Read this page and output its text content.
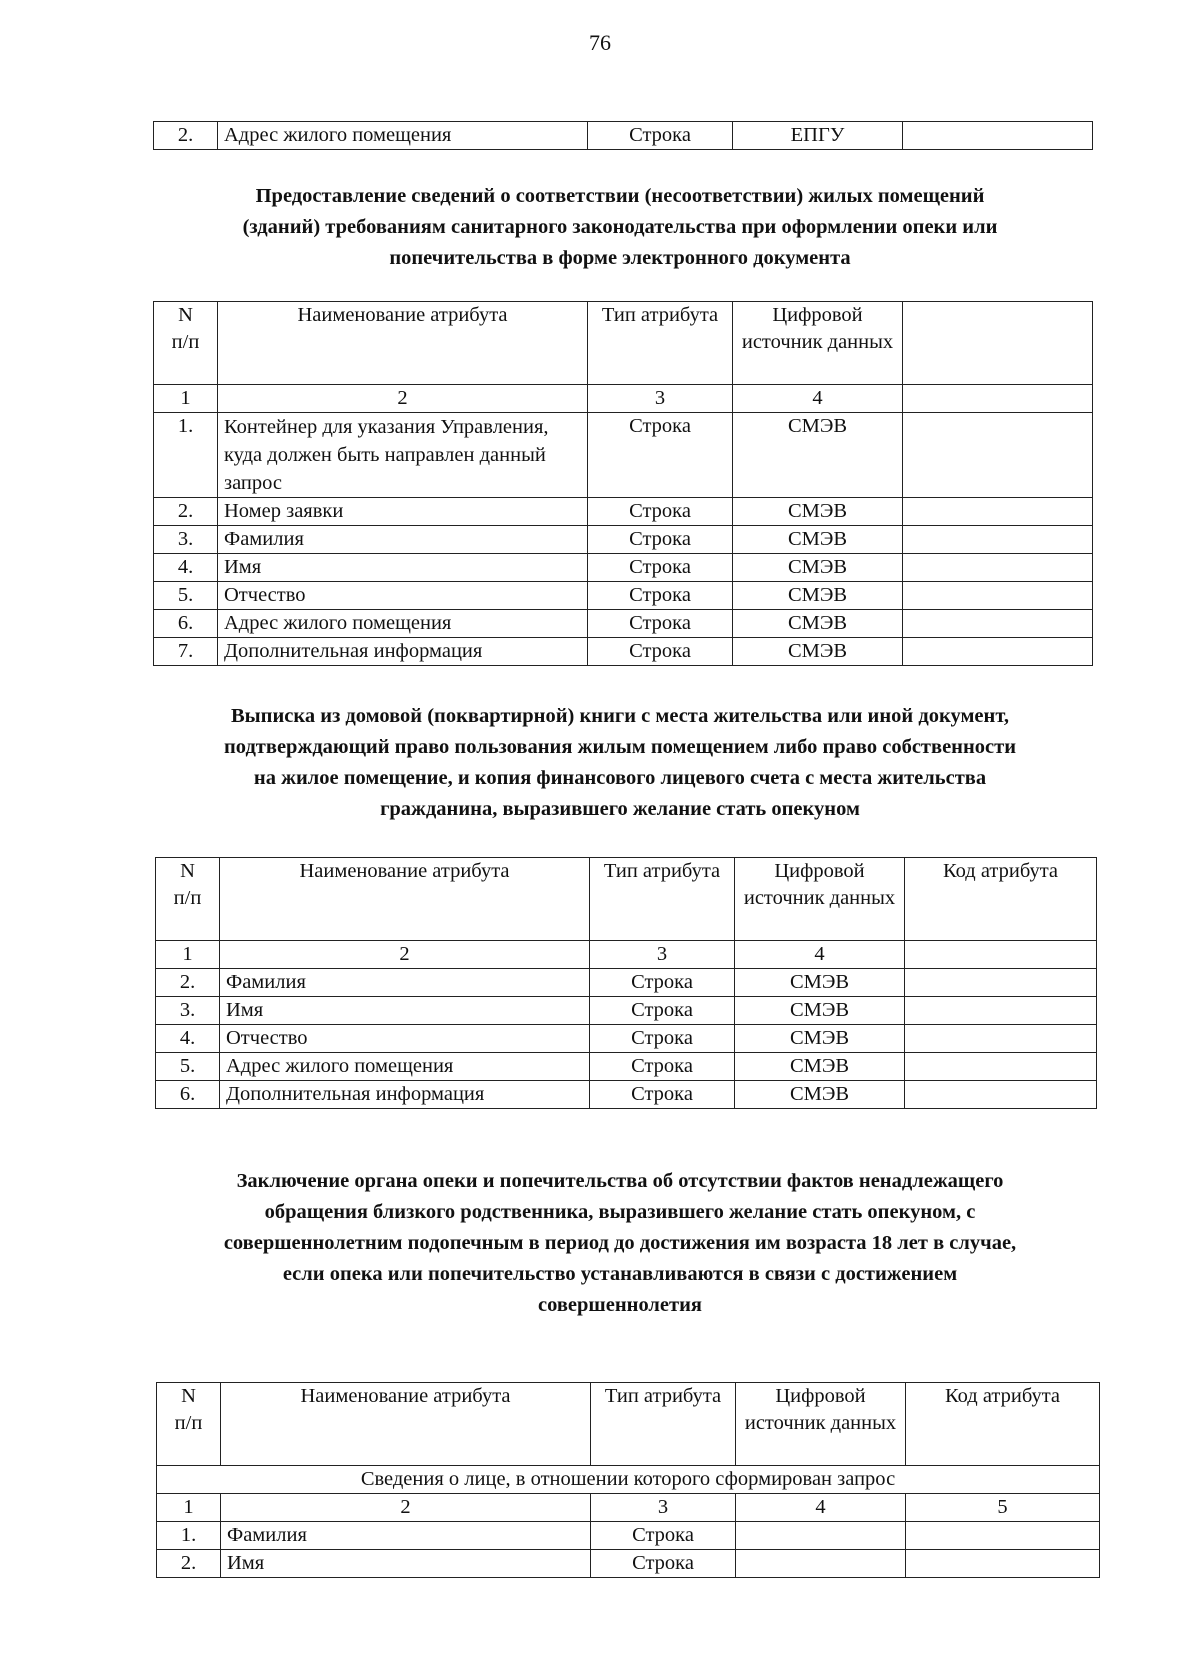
76
2.	Адрес жилого помещения	Строка	ЕПГУ	
Предоставление сведений о соответствии (несоответствии) жилых помещений
(зданий) требованиям санитарного законодательства при оформлении опеки или
попечительства в форме электронного документа
N
п/п	Наименование атрибута	Тип атрибута	Цифровой источник данных	
1	2	3	4	
1.	Контейнер для указания Управления, куда должен быть направлен данный запрос	Строка	СМЭВ	
2.	Номер заявки	Строка	СМЭВ	
3.	Фамилия	Строка	СМЭВ	
4.	Имя	Строка	СМЭВ	
5.	Отчество	Строка	СМЭВ	
6.	Адрес жилого помещения	Строка	СМЭВ	
7.	Дополнительная информация	Строка	СМЭВ	
Выписка из домовой (поквартирной) книги с места жительства или иной документ,
подтверждающий право пользования жилым помещением либо право собственности
на жилое помещение, и копия финансового лицевого счета с места жительства
гражданина, выразившего желание стать опекуном
N
п/п	Наименование атрибута	Тип атрибута	Цифровой источник данных	Код атрибута
1	2	3	4	
2.	Фамилия	Строка	СМЭВ	
3.	Имя	Строка	СМЭВ	
4.	Отчество	Строка	СМЭВ	
5.	Адрес жилого помещения	Строка	СМЭВ	
6.	Дополнительная информация	Строка	СМЭВ	
Заключение органа опеки и попечительства об отсутствии фактов ненадлежащего
обращения близкого родственника, выразившего желание стать опекуном, с
совершеннолетним подопечным в период до достижения им возраста 18 лет в случае,
если опека или попечительство устанавливаются в связи с достижением
совершеннолетия
N
п/п	Наименование атрибута	Тип атрибута	Цифровой источник данных	Код атрибута
Сведения о лице, в отношении которого сформирован запрос				
1	2	3	4	5
1.	Фамилия	Строка		
2.	Имя	Строка		
